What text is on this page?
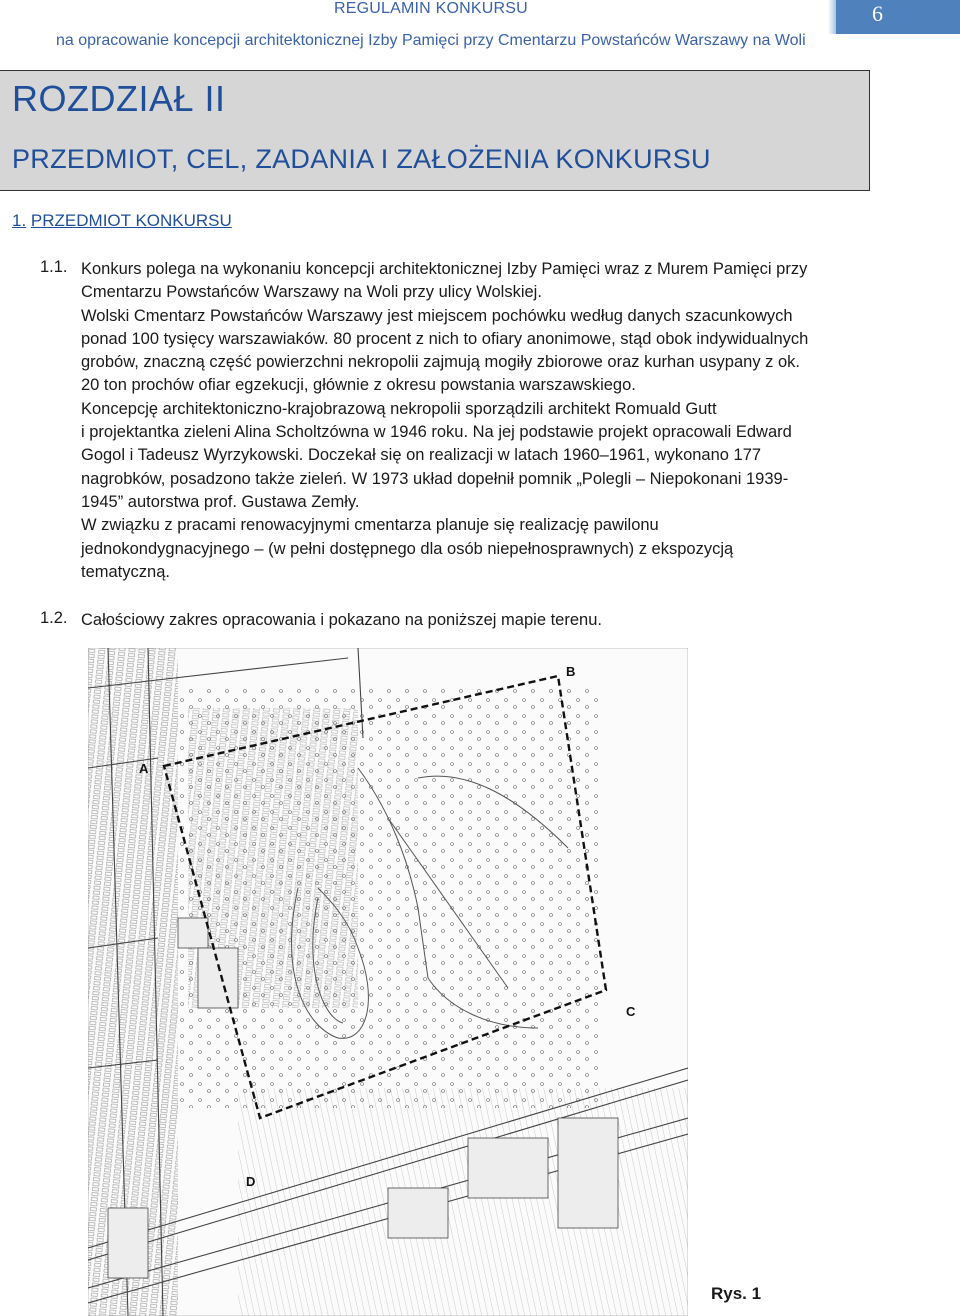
6
REGULAMIN KONKURSU
na opracowanie koncepcji architektonicznej Izby Pamięci przy Cmentarzu Powstańców Warszawy na Woli
ROZDZIAŁ II
PRZEDMIOT, CEL, ZADANIA I ZAŁOŻENIA KONKURSU
1. PRZEDMIOT KONKURSU
1.1. Konkurs polega na wykonaniu koncepcji architektonicznej Izby Pamięci wraz z Murem Pamięci przy
Cmentarzu Powstańców Warszawy na Woli przy ulicy Wolskiej.
Wolski Cmentarz Powstańców Warszawy jest miejscem pochówku według danych szacunkowych
ponad 100 tysięcy warszawiaków. 80 procent z nich to ofiary anonimowe, stąd obok indywidualnych
grobów, znaczną część powierzchni nekropolii zajmują mogiły zbiorowe oraz kurhan usypany z ok.
20 ton prochów ofiar egzekucji, głównie z okresu powstania warszawskiego.
Koncepcję architektoniczno-krajobrazową nekropolii sporządzili architekt Romuald Gutt
i projektantka zieleni Alina Scholtzówna w 1946 roku. Na jej podstawie projekt opracowali Edward
Gogol i Tadeusz Wyrzykowski. Doczekał się on realizacji w latach 1960–1961, wykonano 177
nagrobków, posadzono także zieleń. W 1973 układ dopełnił pomnik „Polegli – Niepokonani 1939-
1945” autorstwa prof. Gustawa Zemły.
W związku z pracami renowacyjnymi cmentarza planuje się realizację pawilonu
jednokondygnacyjnego – (w pełni dostępnego dla osób niepełnosprawnych) z ekspozycją
tematyczną.
1.2. Całościowy zakres opracowania i pokazano na poniższej mapie terenu.
A
B
C
D
Rys. 1
